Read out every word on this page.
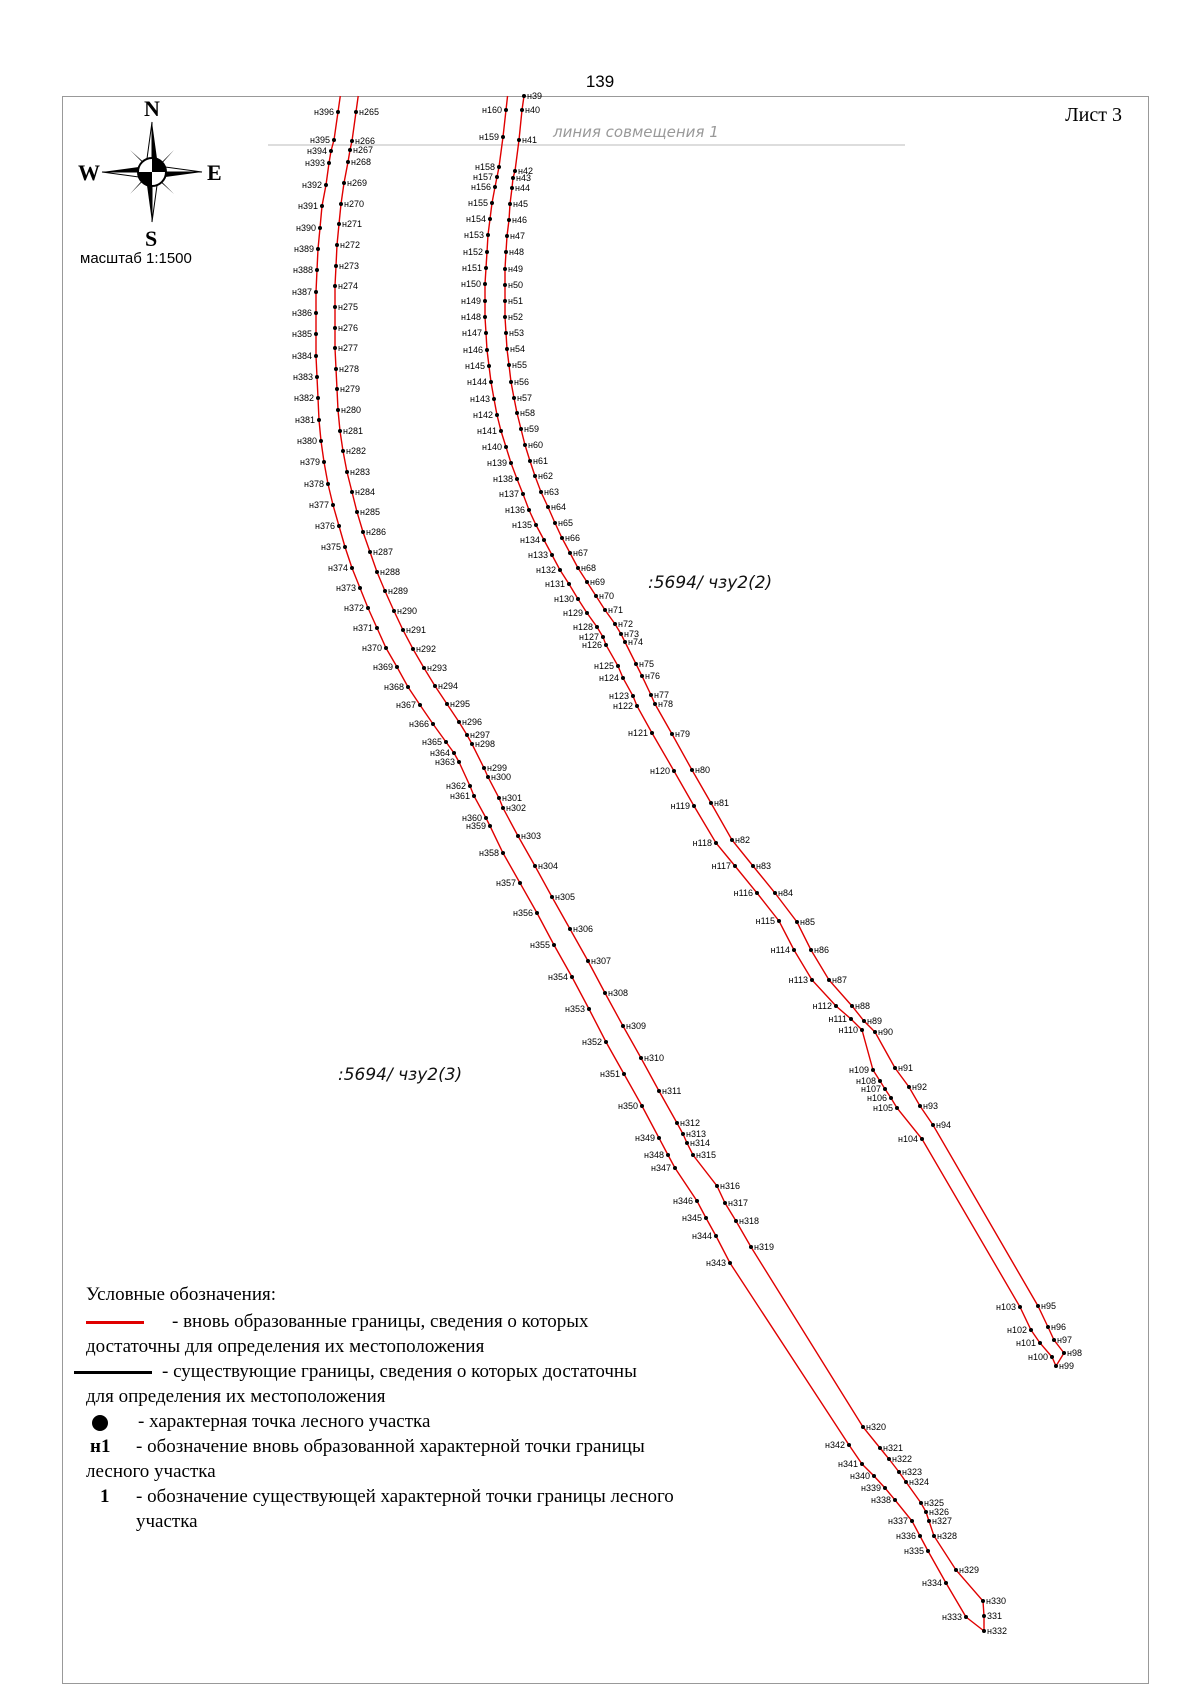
139
Лист 3
линия совмещения 1
N
S
W	E
:5694/ чзу2(2)
:5694/ чзу2(3)
н396
н395
н394
н393
н392
н391
н390
н389
н388
н387
н386
н385
н384
н383
н382
н381
н380
н379
н378
н377
н376
н375
н374
н373
н372
н371
н370
н369
н368
н367
н366
н365
н364
н363
н362
н361
н360
н359
н358
н357
н356
н355
н354
н353
н352
н351
н350
н349
н348
н347
н346
н345
н344
н343
н342
н341
н340
н339
н338
н337
н336
н335
н334
н333
н265
н266
н267
н268
н269
н270
н271
н272
н273
н274
н275
н276
н277
н278
н279
н280
н281
н282
н283
н284
н285
н286
н287
н288
н289
н290
н291
н292
н293
н294
н295
н296
н297
н298
н299
н300
н301
н302
н303
н304
н305
н306
н307
н308
н309
н310
н311
н312
н313
н314
н315
н316
н317
н318
н319
н320
н321
н322
н323
н324
н325
н326
н327
н328
н329
н330
331
н332
н160
н159
н158
н157
н156
н155
н154
н153
н152
н151
н150
н149
н148
н147
н146
н145
н144
н143
н142
н141
н140
н139
н138
н137
н136
н135
н134
н133
н132
н131
н130
н129
н128
н127
н126
н125
н124
н123
н122
н121
н120
н119
н118
н117
н116
н115
н114
н113
н112
н111
н110
н109
н108
н107
н106
н105
н104
н103
н102
н101
н100
н39
н40
н41
н42
н43
н44
н45
н46
н47
н48
н49
н50
н51
н52
н53
н54
н55
н56
н57
н58
н59
н60
н61
н62
н63
н64
н65
н66
н67
н68
н69
н70
н71
н72
н73
н74
н75
н76
н77
н78
н79
н80
н81
н82
н83
н84
н85
н86
н87
н88
н89
н90
н91
н92
н93
н94
н95
н96
н97
н98
н99
масштаб 1:1500
Условные обозначения:
- вновь образованные границы, сведения о которых
достаточны для определения их местоположения
- существующие границы, сведения о которых достаточны
для определения их местоположения
- характерная точка лесного участка
н1 - обозначение вновь образованной характерной точки границы
лесного участка
1 - обозначение существующей характерной точки границы лесного
участка
